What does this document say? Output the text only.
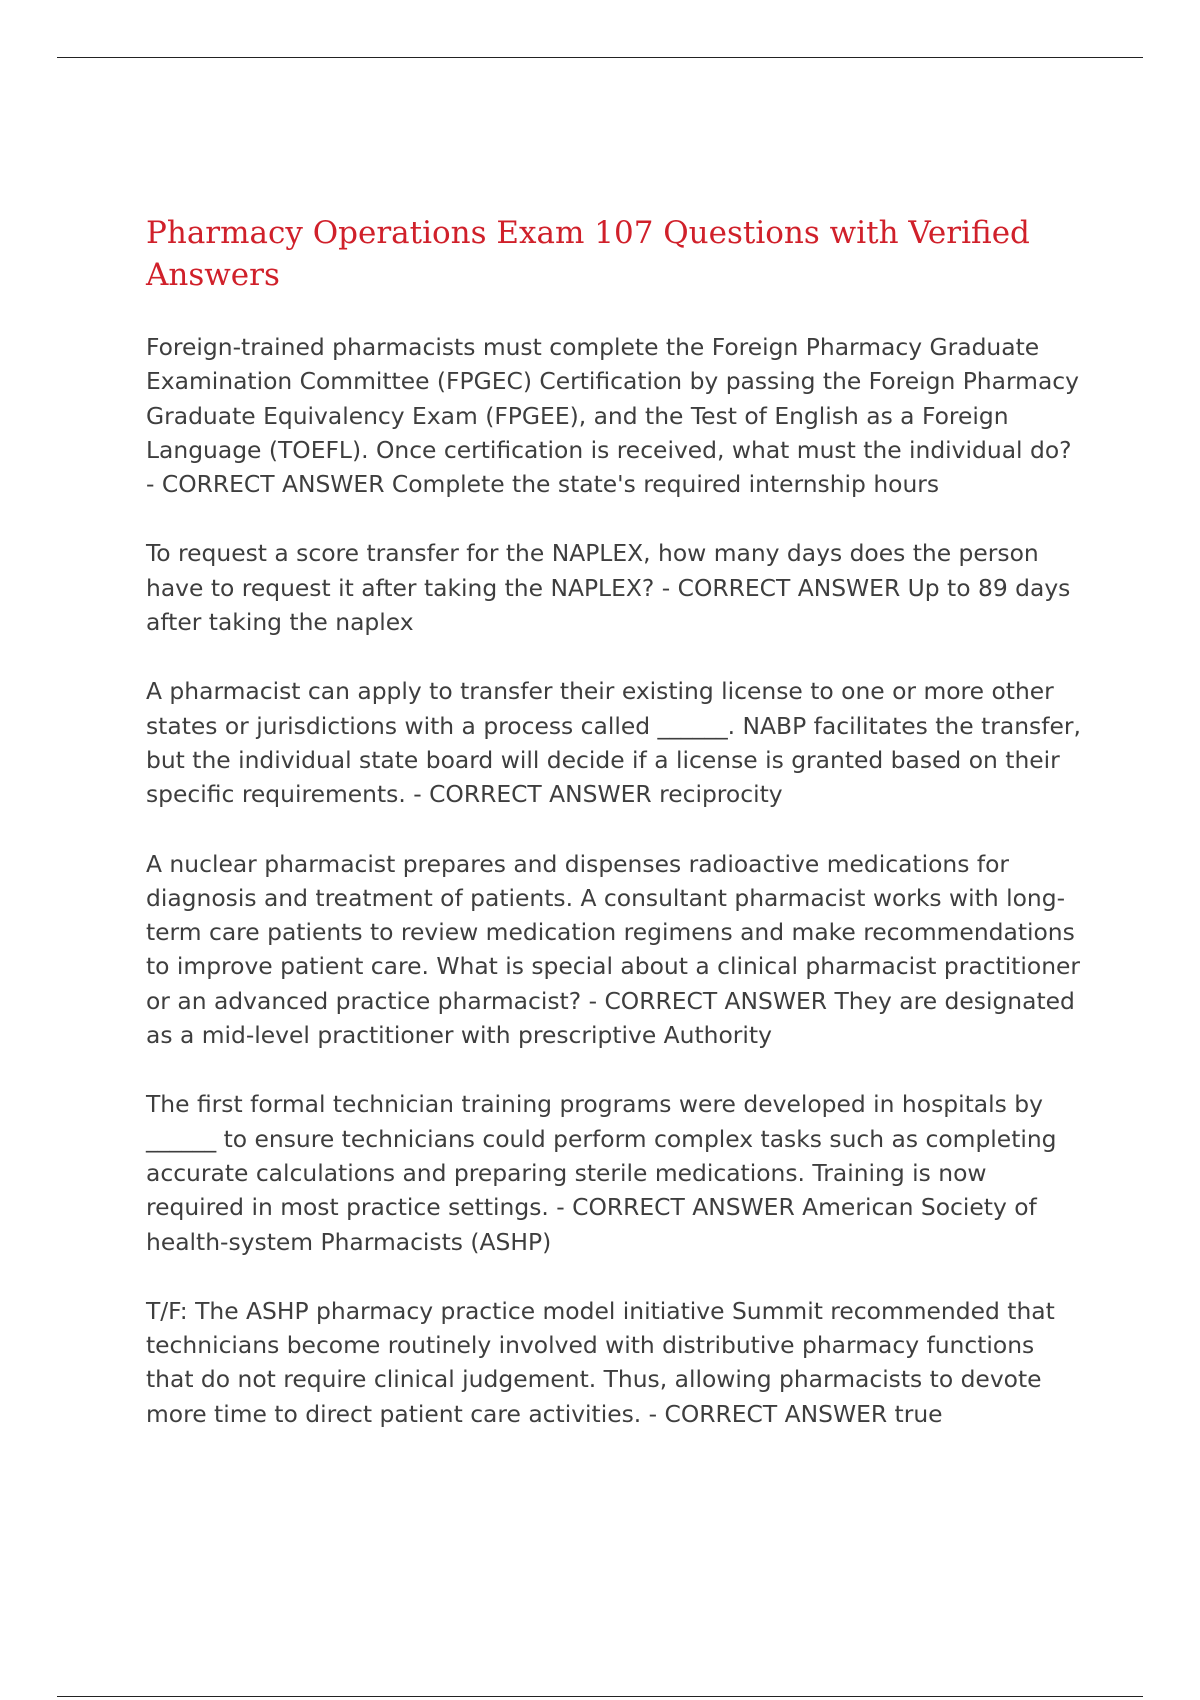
Pharmacy Operations Exam 107 Questions with Verified Answers

Foreign-trained pharmacists must complete the Foreign Pharmacy Graduate Examination Committee (FPGEC) Certification by passing the Foreign Pharmacy Graduate Equivalency Exam (FPGEE), and the Test of English as a Foreign Language (TOEFL). Once certification is received, what must the individual do? - CORRECT ANSWER Complete the state's required internship hours

To request a score transfer for the NAPLEX, how many days does the person have to request it after taking the NAPLEX? - CORRECT ANSWER Up to 89 days after taking the naplex

A pharmacist can apply to transfer their existing license to one or more other states or jurisdictions with a process called ______. NABP facilitates the transfer, but the individual state board will decide if a license is granted based on their specific requirements. - CORRECT ANSWER reciprocity

A nuclear pharmacist prepares and dispenses radioactive medications for diagnosis and treatment of patients. A consultant pharmacist works with long-term care patients to review medication regimens and make recommendations to improve patient care. What is special about a clinical pharmacist practitioner or an advanced practice pharmacist? - CORRECT ANSWER They are designated as a mid-level practitioner with prescriptive Authority

The first formal technician training programs were developed in hospitals by ______ to ensure technicians could perform complex tasks such as completing accurate calculations and preparing sterile medications. Training is now required in most practice settings. - CORRECT ANSWER American Society of health-system Pharmacists (ASHP)

T/F: The ASHP pharmacy practice model initiative Summit recommended that technicians become routinely involved with distributive pharmacy functions that do not require clinical judgement. Thus, allowing pharmacists to devote more time to direct patient care activities. - CORRECT ANSWER true
